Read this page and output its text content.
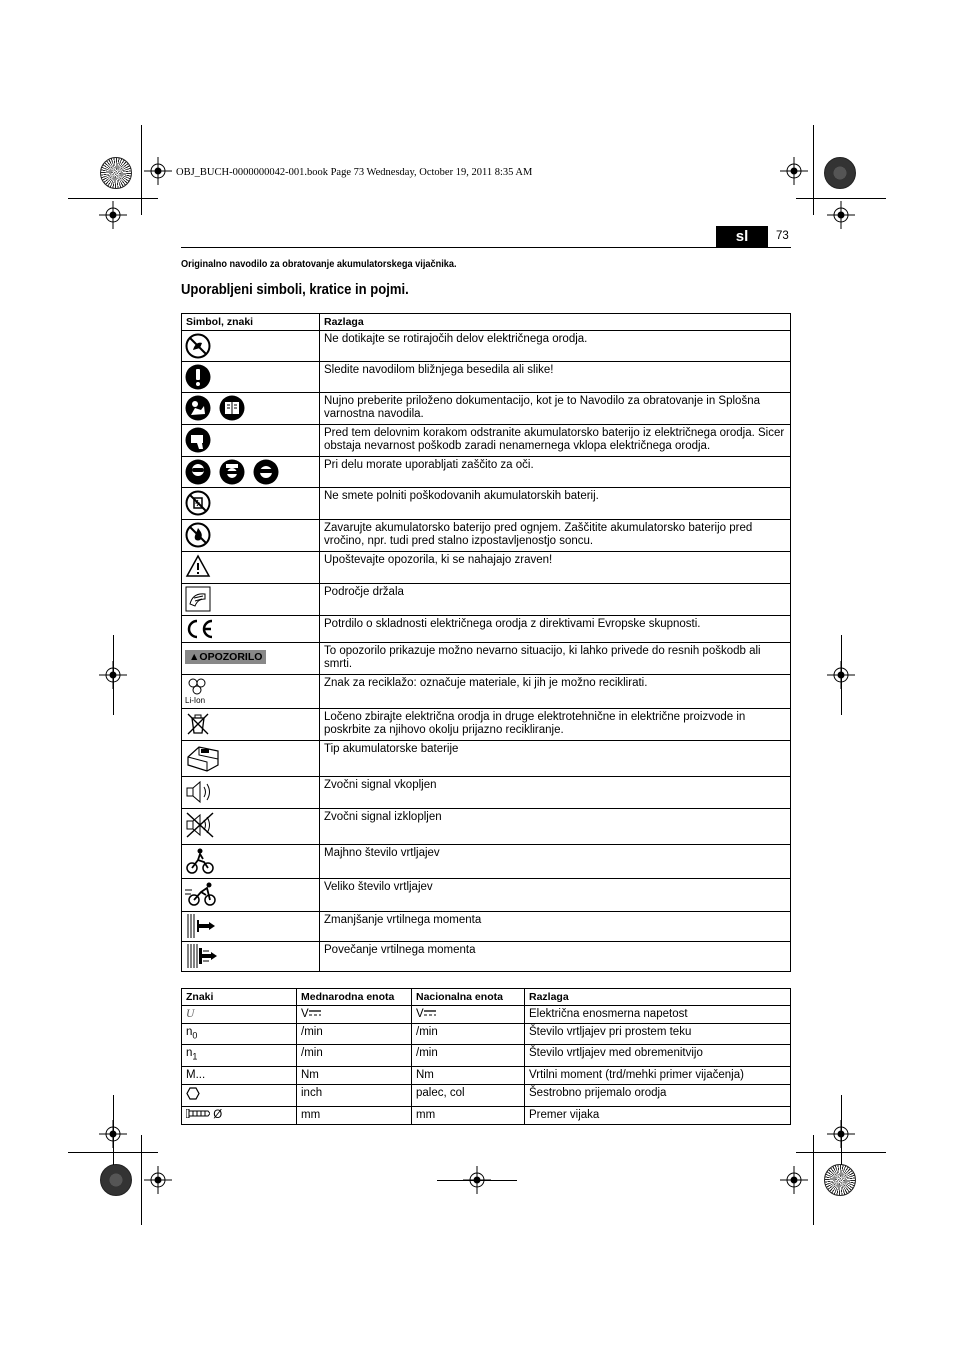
OBJ_BUCH-0000000042-001.book Page 73 Wednesday, October 19, 2011 8:35 AM
sl	73
Originalno navodilo za obratovanje akumulatorskega vijačnika.
Uporabljeni simboli, kratice in pojmi.
Simbol, znaki	Razlaga
	Ne dotikajte se rotirajočih delov električnega orodja.
	Sledite navodilom bližnjega besedila ali slike!
	Nujno preberite priloženo dokumentacijo, kot je to Navodilo za obratovanje in Splošna varnostna navodila.
	Pred tem delovnim korakom odstranite akumulatorsko baterijo iz električnega orodja. Sicer obstaja nevarnost poškodb zaradi nenamernega vklopa električnega orodja.
	Pri delu morate uporabljati zaščito za oči.
	Ne smete polniti poškodovanih akumulatorskih baterij.
	Zavarujte akumulatorsko baterijo pred ognjem. Zaščitite akumulatorsko baterijo pred vročino, npr. tudi pred stalno izpostavljenostjo soncu.
	Upoštevajte opozorila, ki se nahajajo zraven!
	Področje držala
	Potrdilo o skladnosti električnega orodja z direktivami Evropske skupnosti.
▲OPOZORILO	To opozorilo prikazuje možno nevarno situacijo, ki lahko privede do resnih poškodb ali smrti.

Li-Ion	Znak za reciklažo: označuje materiale, ki jih je možno reciklirati.
	Ločeno zbirajte električna orodja in druge elektrotehnične in električne proizvode in poskrbite za njihovo okolju prijazno recikliranje.
	Tip akumulatorske baterije
	Zvočni signal vkopljen
	Zvočni signal izklopljen
	Majhno število vrtljajev
	Veliko število vrtljajev
	Zmanjšanje vrtilnega momenta
	Povečanje vrtilnega momenta
Znaki	Mednarodna enota	Nacionalna enota	Razlaga
U	V	V	Električna enosmerna napetost
$n_0$	/min	/min	Število vrtljajev pri prostem teku
$n_1$	/min	/min	Število vrtljajev med obremenitvijo
M...	Nm	Nm	Vrtilni moment (trd/mehki primer vijačenja)
	inch	palec, col	Šestrobno prijemalo orodja
Ø	mm	mm	Premer vijaka
